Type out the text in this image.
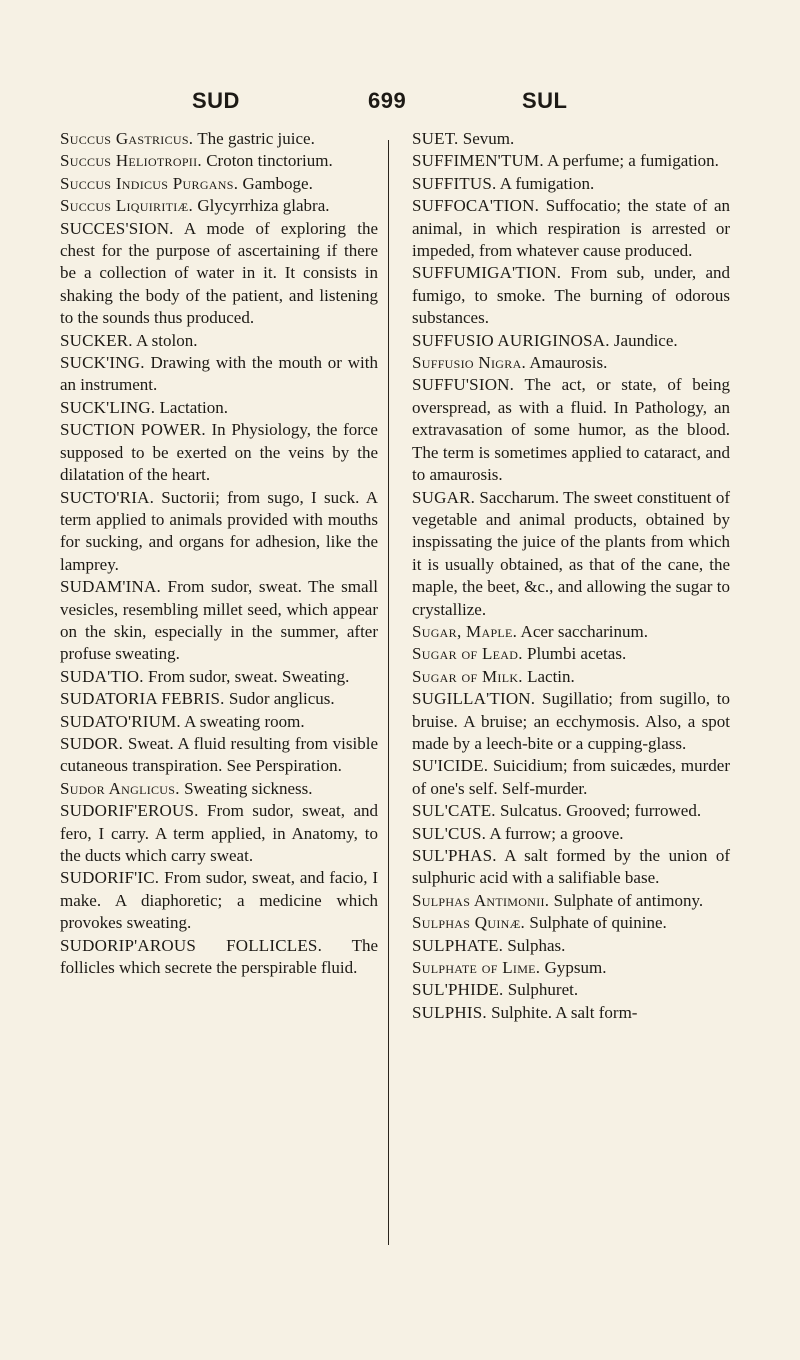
SUD	699	SUL

Succus Gastricus. The gastric juice.

Succus Heliotropii. Croton tinctorium.

Succus Indicus Purgans. Gamboge.

Succus Liquiritiæ. Glycyrrhiza glabra.

SUCCES'SION. A mode of exploring the chest for the purpose of ascertaining if there be a collection of water in it. It consists in shaking the body of the patient, and listening to the sounds thus produced.

SUCKER. A stolon.

SUCK'ING. Drawing with the mouth or with an instrument.

SUCK'LING. Lactation.

SUCTION POWER. In Physiology, the force supposed to be exerted on the veins by the dilatation of the heart.

SUCTO'RIA. Suctorii; from sugo, I suck. A term applied to animals provided with mouths for sucking, and organs for adhesion, like the lamprey.

SUDAM'INA. From sudor, sweat. The small vesicles, resembling millet seed, which appear on the skin, especially in the summer, after profuse sweating.

SUDA'TIO. From sudor, sweat. Sweating.

SUDATORIA FEBRIS. Sudor anglicus.

SUDATO'RIUM. A sweating room.

SUDOR. Sweat. A fluid resulting from visible cutaneous transpiration. See Perspiration.

Sudor Anglicus. Sweating sickness.

SUDORIF'EROUS. From sudor, sweat, and fero, I carry. A term applied, in Anatomy, to the ducts which carry sweat.

SUDORIF'IC. From sudor, sweat, and facio, I make. A diaphoretic; a medicine which provokes sweating.

SUDORIP'AROUS FOLLICLES. The follicles which secrete the perspirable fluid.

SUET. Sevum.

SUFFIMEN'TUM. A perfume; a fumigation.

SUFFITUS. A fumigation.

SUFFOCA'TION. Suffocatio; the state of an animal, in which respiration is arrested or impeded, from whatever cause produced.

SUFFUMIGA'TION. From sub, under, and fumigo, to smoke. The burning of odorous substances.

SUFFUSIO AURIGINOSA. Jaundice.

Suffusio Nigra. Amaurosis.

SUFFU'SION. The act, or state, of being overspread, as with a fluid. In Pathology, an extravasation of some humor, as the blood. The term is sometimes applied to cataract, and to amaurosis.

SUGAR. Saccharum. The sweet constituent of vegetable and animal products, obtained by inspissating the juice of the plants from which it is usually obtained, as that of the cane, the maple, the beet, &c., and allowing the sugar to crystallize.

Sugar, Maple. Acer saccharinum.

Sugar of Lead. Plumbi acetas.

Sugar of Milk. Lactin.

SUGILLA'TION. Sugillatio; from sugillo, to bruise. A bruise; an ecchymosis. Also, a spot made by a leech-bite or a cupping-glass.

SU'ICIDE. Suicidium; from suicædes, murder of one's self. Self-murder.

SUL'CATE. Sulcatus. Grooved; furrowed.

SUL'CUS. A furrow; a groove.

SUL'PHAS. A salt formed by the union of sulphuric acid with a salifiable base.

Sulphas Antimonii. Sulphate of antimony.

Sulphas Quinæ. Sulphate of quinine.

SULPHATE. Sulphas.

Sulphate of Lime. Gypsum.

SUL'PHIDE. Sulphuret.

SULPHIS. Sulphite. A salt form-
